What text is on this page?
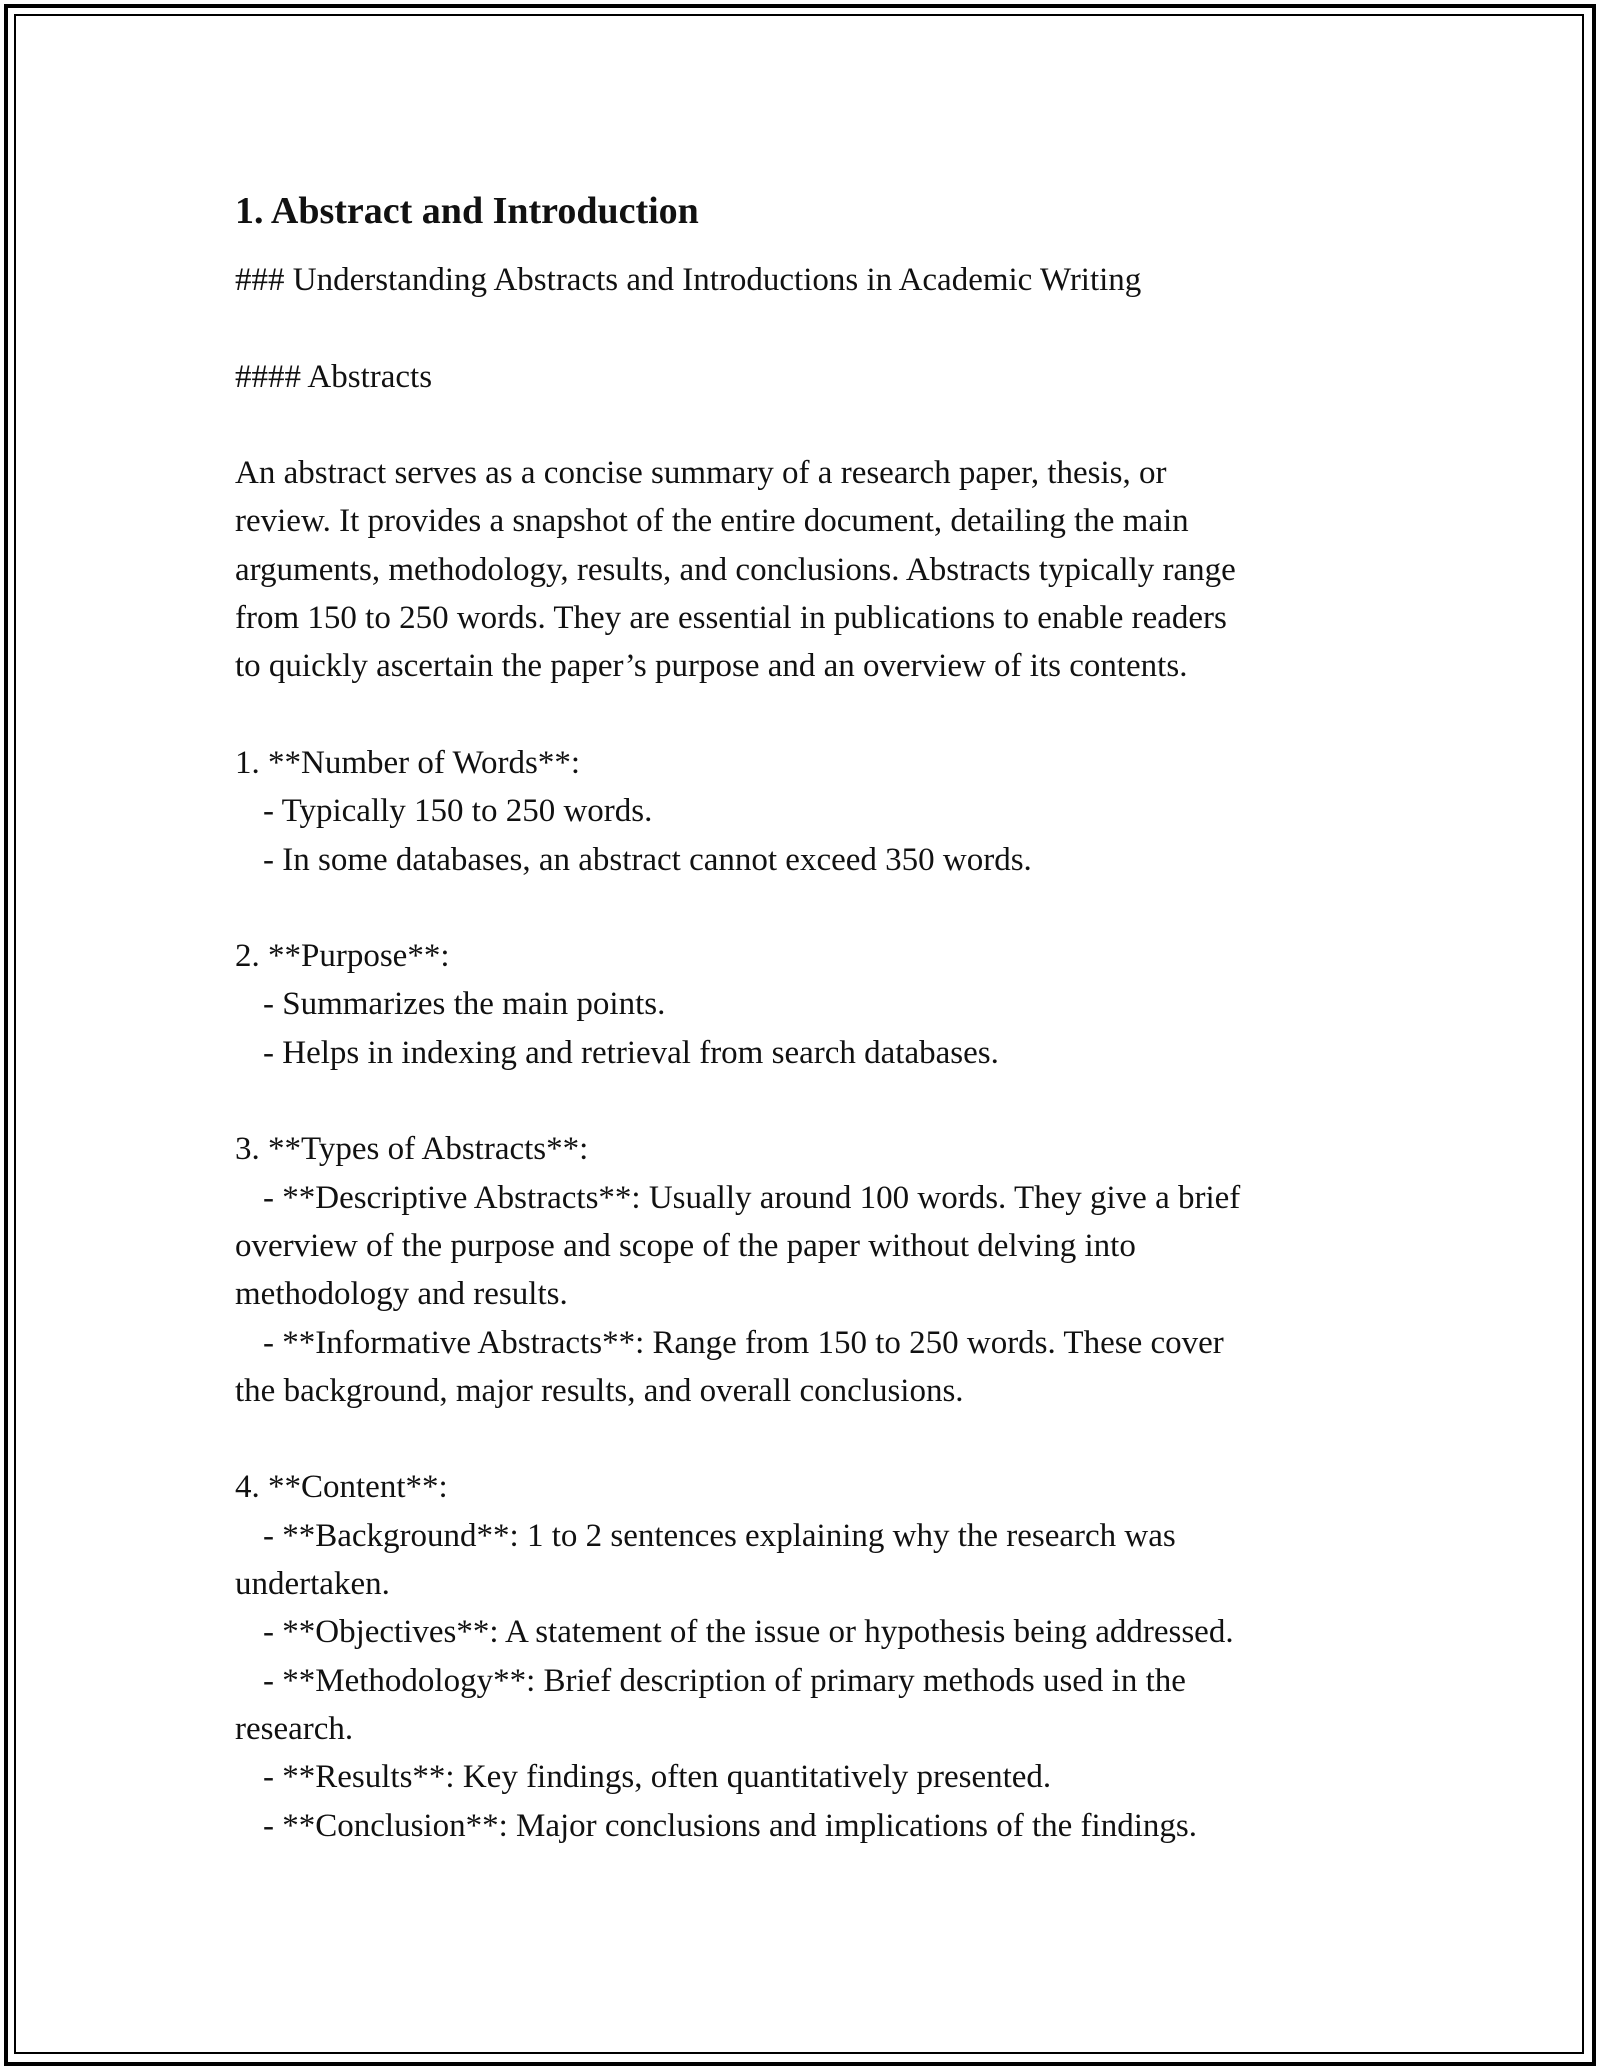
1. Abstract and Introduction
### Understanding Abstracts and Introductions in Academic Writing
#### Abstracts
An abstract serves as a concise summary of a research paper, thesis, or
review. It provides a snapshot of the entire document, detailing the main
arguments, methodology, results, and conclusions. Abstracts typically range
from 150 to 250 words. They are essential in publications to enable readers
to quickly ascertain the paper’s purpose and an overview of its contents.
1. **Number of Words**:
- Typically 150 to 250 words.
- In some databases, an abstract cannot exceed 350 words.
2. **Purpose**:
- Summarizes the main points.
- Helps in indexing and retrieval from search databases.
3. **Types of Abstracts**:
- **Descriptive Abstracts**: Usually around 100 words. They give a brief
overview of the purpose and scope of the paper without delving into
methodology and results.
- **Informative Abstracts**: Range from 150 to 250 words. These cover
the background, major results, and overall conclusions.
4. **Content**:
- **Background**: 1 to 2 sentences explaining why the research was
undertaken.
- **Objectives**: A statement of the issue or hypothesis being addressed.
- **Methodology**: Brief description of primary methods used in the
research.
- **Results**: Key findings, often quantitatively presented.
- **Conclusion**: Major conclusions and implications of the findings.
